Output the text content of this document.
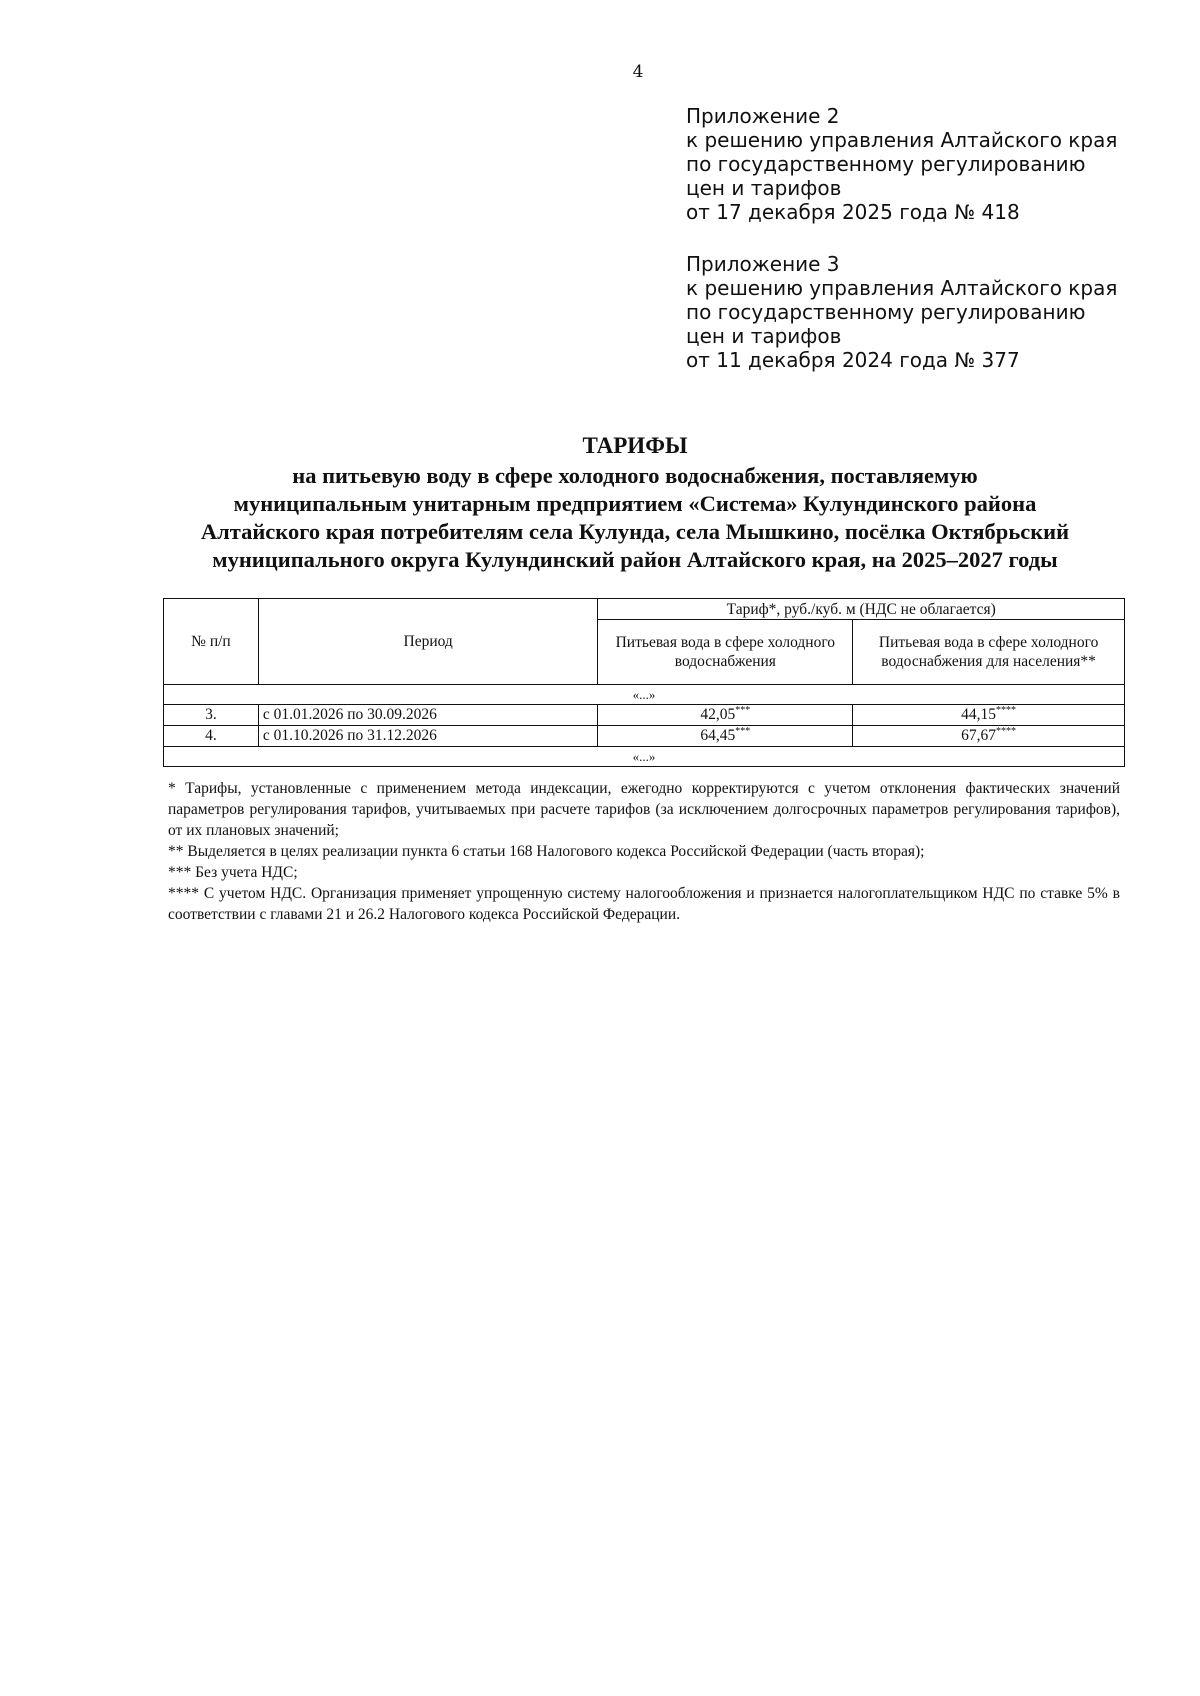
4
Приложение 2
к решению управления Алтайского края
по государственному регулированию
цен и тарифов
от 17 декабря 2025 года № 418
Приложение 3
к решению управления Алтайского края
по государственному регулированию
цен и тарифов
от 11 декабря 2024 года № 377
ТАРИФЫ
на питьевую воду в сфере холодного водоснабжения, поставляемую
муниципальным унитарным предприятием «Система» Кулундинского района
Алтайского края потребителям села Кулунда, села Мышкино, посёлка Октябрьский
муниципального округа Кулундинский район Алтайского края, на 2025–2027 годы
№ п/п	Период	Тариф*, руб./куб. м (НДС не облагается)	
		Питьевая вода в сфере холодного водоснабжения	Питьевая вода в сфере холодного водоснабжения для населения**
«...»			
3.	с 01.01.2026 по 30.09.2026	42,05***	44,15****
4.	с 01.10.2026 по 31.12.2026	64,45***	67,67****
«...»			
* Тарифы, установленные с применением метода индексации, ежегодно корректируются с учетом отклонения фактических значений параметров регулирования тарифов, учитываемых при расчете тарифов (за исключением долгосрочных параметров регулирования тарифов), от их плановых значений;
** Выделяется в целях реализации пункта 6 статьи 168 Налогового кодекса Российской Федерации (часть вторая);
*** Без учета НДС;
**** С учетом НДС. Организация применяет упрощенную систему налогообложения и признается налогоплательщиком НДС по ставке 5% в соответствии с главами 21 и 26.2 Налогового кодекса Российской Федерации.
